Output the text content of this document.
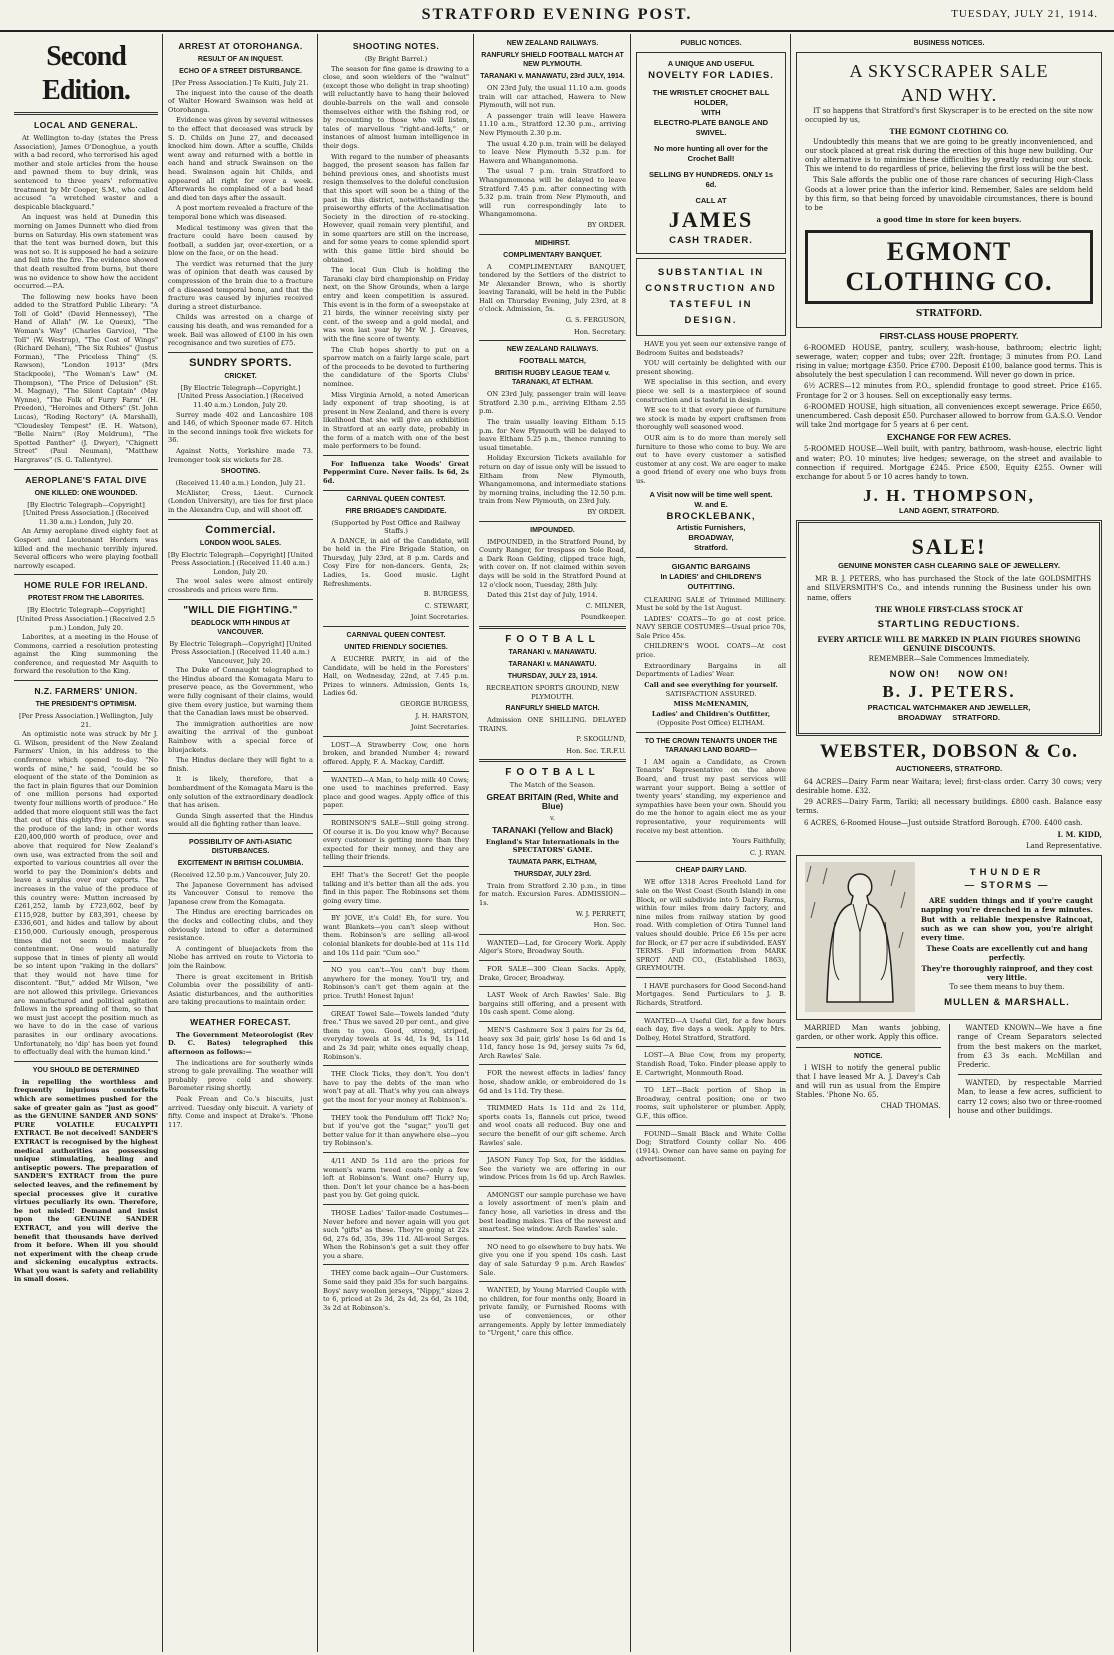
STRATFORD EVENING POST.	TUESDAY, JULY 21, 1914.
Second Edition.
LOCAL AND GENERAL.

At Wellington to-day (states the Press Association), James O'Donoghue, a youth with a bad record, who terrorised his aged mother and stole articles from the house and pawned them to buy drink, was sentenced to three years' reformative treatment by Mr Cooper, S.M., who called accused "a wretched waster and a despicable blackguard."

An inquest was held at Dunedin this morning on James Dunnett who died from burns on Saturday. His own statement was that the tent was burned down, but this was not so. It is supposed he had a seizure and fell into the fire. The evidence showed that death resulted from burns, but there was no evidence to show how the accident occurred.—P.A.

The following new books have been added to the Stratford Public Library: "A Toll of Gold" (David Hennessey), "The Hand of Allah" (W. Le Queux), "The Woman's Way" (Charles Garvice), "The Toll" (W. Westrup), "The Cost of Wings" (Richard Dehan), "The Six Rubies" (Justus Forman), "The Priceless Thing" (S. Rawson), "London 1913" (Mrs Stackpoole), "The Woman's Law" (M. Thompson), "The Price of Delusion" (St. M. Magnay), "The Silent Captain" (May Wynne), "The Folk of Furry Farm" (H. Preedon), "Heroines and Others" (St. John Lucas), "Roding Rectory" (A. Marshall), "Cloudesley Tempest" (E. H. Watson), "Belle Nairn" (Roy Meldrum), "The Spotted Panther" (J. Dwyer), "Chignett Street" (Paul Neuman), "Matthew Hargraves" (S. G. Tallentyre).

AEROPLANE'S FATAL DIVE
ONE KILLED: ONE WOUNDED.

[By Electric Telegraph—Copyright] [United Press Association.] (Received 11.30 a.m.) London, July 20.

An Army aeroplane dived eighty feet at Gosport and Lieutenant Hordern was killed and the mechanic terribly injured. Several officers who were playing football narrowly escaped.

HOME RULE FOR IRELAND.
PROTEST FROM THE LABORITES.

[By Electric Telegraph—Copyright] [United Press Association.] (Received 2.5 p.m.) London, July 20.

Laborites, at a meeting in the House of Commons, carried a resolution protesting against the King summoning the conference, and requested Mr Asquith to forward the resolution to the King.

N.Z. FARMERS' UNION.
THE PRESIDENT'S OPTIMISM.

[Per Press Association.] Wellington, July 21.

An optimistic note was struck by Mr J. G. Wilson, president of the New Zealand Farmers' Union, in his address to the conference which opened to-day. "No words of mine," he said, "could be so eloquent of the state of the Dominion as the fact in plain figures that our Dominion of one million persons had exported twenty four millions worth of produce." He added that more eloquent still was the fact that out of this eighty-five per cent. was the produce of the land; in other words £20,400,000 worth of produce, over and above that required for New Zealand's own use, was extracted from the soil and exported to various countries all over the world to pay the Dominion's debts and leave a surplus over our exports. The increases in the value of the produce of this country were: Mutton increased by £261,252, lamb by £723,602, beef by £115,928, butter by £83,391, cheese by £336,601, and hides and tallow by about £150,000. Curiously enough, prosperous times did not seem to make for contentment. One would naturally suppose that in times of plenty all would be so intent upon "raking in the dollars" that they would not have time for discontent. "But," added Mr Wilson, "we are not allowed this privilege. Grievances are manufactured and political agitation follows in the spreading of them, so that we must just accept the position much as we have to do in the case of various parasites in our ordinary avocations. Unfortunately, no 'dip' has been yet found to effectually deal with the human kind."

YOU SHOULD BE DETERMINED

in repelling the worthless and frequently injurious counterfeits which are sometimes pushed for the sake of greater gain as "just as good" as the GENUINE SANDER AND SONS' PURE VOLATILE EUCALYPTI EXTRACT. Be not deceived! SANDER'S EXTRACT is recognised by the highest medical authorities as possessing unique stimulating, healing and antiseptic powers. The preparation of SANDER'S EXTRACT from the pure selected leaves, and the refinement by special processes give it curative virtues peculiarly its own. Therefore, be not misled! Demand and insist upon the GENUINE SANDER EXTRACT, and you will derive the benefit that thousands have derived from it before. When ill you should not experiment with the cheap crude and sickening eucalyptus extracts. What you want is safety and reliability in small doses.

ARREST AT OTOROHANGA.
RESULT OF AN INQUEST.
ECHO OF A STREET DISTURBANCE.

[Per Press Association.] Te Kuiti, July 21.

The inquest into the cause of the death of Walter Howard Swainson was held at Otorohanga.

Evidence was given by several witnesses to the effect that deceased was struck by S. D. Childs on June 27, and deceased knocked him down. After a scuffle, Childs went away and returned with a bottle in each hand and struck Swainson on the head. Swainson again hit Childs, and appeared all right for over a week. Afterwards he complained of a bad head and died ten days after the assault.

A post mortem revealed a fracture of the temporal bone which was diseased.

Medical testimony was given that the fracture could have been caused by football, a sudden jar, over-exertion, or a blow on the face, or on the head.

The verdict was returned that the jury was of opinion that death was caused by compression of the brain due to a fracture of a diseased temporal bone, and that the fracture was caused by injuries received during a street disturbance.

Childs was arrested on a charge of causing his death, and was remanded for a week. Bail was allowed of £100 in his own recognisance and two sureties of £75.

SUNDRY SPORTS.
CRICKET.

[By Electric Telegraph—Copyright.] [United Press Association.] (Received 11.40 a.m.) London, July 20.

Surrey made 402 and Lancashire 108 and 146, of which Spooner made 67. Hitch in the second innings took five wickets for 36.

Against Notts, Yorkshire made 73. Iremonger took six wickets for 28.

SHOOTING.

(Received 11.40 a.m.) London, July 21.

McAlister, Cress, Lieut. Curnock (London University), are ties for first place in the Alexandra Cup, and will shoot off.

Commercial.
LONDON WOOL SALES.

[By Electric Telegraph—Copyright] [United Press Association.] (Received 11.40 a.m.) London, July 20.

The wool sales were almost entirely crossbreds and prices were firm.

"WILL DIE FIGHTING."
DEADLOCK WITH HINDUS AT VANCOUVER.

By Electric Telegraph—Copyright] [United Press Association.] (Received 11.40 a.m.) Vancouver, July 20.

The Duke of Connaught telegraphed to the Hindus aboard the Komagata Maru to preserve peace, as the Government, who were fully cognisant of their claims, would give them every justice, but warning them that the Canadian laws must be observed.

The immigration authorities are now awaiting the arrival of the gunboat Rainbow with a special force of bluejackets.

The Hindus declare they will fight to a finish.

It is likely, therefore, that a bombardment of the Komagata Maru is the only solution of the extraordinary deadlock that has arisen.

Gunda Singh asserted that the Hindus would all die fighting rather than leave.

POSSIBILITY OF ANTI-ASIATIC DISTURBANCES.
EXCITEMENT IN BRITISH COLUMBIA.

(Received 12.50 p.m.) Vancouver, July 20.

The Japanese Government has advised its Vancouver Consul to remove the Japanese crew from the Komagata.

The Hindus are erecting barricades on the decks and collecting clubs, and they obviously intend to offer a determined resistance.

A contingent of bluejackets from the Niobe has arrived en route to Victoria to join the Rainbow.

There is great excitement in British Columbia over the possibility of anti-Asiatic disturbances, and the authorities are taking precautions to maintain order.

WEATHER FORECAST.

The Government Meteorologist (Rev D. C. Bates) telegraphed this afternoon as follows:—

The indications are for southerly winds strong to gale prevailing. The weather will probably prove cold and showery. Barometer rising shortly.

Peak Frean and Co.'s biscuits, just arrived. Tuesday only biscuit. A variety of fifty. Come and inspect at Drake's. 'Phone 117.

SHOOTING NOTES.

(By Bright Barrel.)

The season for fine game is drawing to a close, and soon wielders of the "walnut" (except those who delight in trap shooting) will reluctantly have to hang their beloved double-barrels on the wall and console themselves either with the fishing rod, or by recounting to those who will listen, tales of marvellous "right-and-lefts," or instances of almost human intelligence in their dogs.

With regard to the number of pheasants bagged, the present season has fallen far behind previous ones, and shootists must resign themselves to the doleful conclusion that this sport will soon be a thing of the past in this district, notwithstanding the praiseworthy efforts of the Acclimatisation Society in the direction of re-stocking. However, quail remain very plentiful, and in some quarters are still on the increase, and for some years to come splendid sport with this game little bird should be obtained.

The local Gun Club is holding the Taranaki clay bird championship on Friday next, on the Show Grounds, when a large entry and keen competition is assured. This event is in the form of a sweepstake at 21 birds, the winner receiving sixty per cent. of the sweep and a gold medal, and was won last year by Mr W. J. Greaves, with the fine score of twenty.

The Club hopes shortly to put on a sparrow match on a fairly large scale, part of the proceeds to be devoted to furthering the candidature of the Sports Clubs' nominee.

Miss Virginia Arnold, a noted American lady exponent of trap shooting, is at present in New Zealand, and there is every likelihood that she will give an exhibition in Stratford at an early date, probably in the form of a match with one of the best male performers to be found.

For Influenza take Woods' Great Peppermint Cure. Never fails. Is 6d, 2s 6d.

CARNIVAL QUEEN CONTEST.
FIRE BRIGADE'S CANDIDATE.

(Supported by Post Office and Railway Staffs.)

A DANCE, in aid of the Candidate, will be held in the Fire Brigade Station, on Thursday, July 23rd, at 8 p.m. Cards and Cosy Fire for non-dancers. Gents, 2s; Ladies, 1s. Good music. Light Refreshments.

B. BURGESS,

C. STEWART,

Joint Secretaries.

CARNIVAL QUEEN CONTEST.
UNITED FRIENDLY SOCIETIES.

A EUCHRE PARTY, in aid of the Candidate, will be held in the Foresters' Hall, on Wednesday, 22nd, at 7.45 p.m. Prizes to winners. Admission, Gents 1s, Ladies 6d.

GEORGE BURGESS,

J. H. HARSTON,

Joint Secretaries.

LOST—A Strawberry Cow, one horn broken, and branded Number 4; reward offered. Apply, F. A. Mackay, Cardiff.

WANTED—A Man, to help milk 40 Cows; one used to machines preferred. Easy place and good wages. Apply office of this paper.

ROBINSON'S SALE—Still going strong. Of course it is. Do you know why? Because every customer is getting more than they expected for their money, and they are telling their friends.

EH! That's the Secret! Get the people talking and it's better than all the ads. you find in this paper. The Robinsons set them going every time.

BY JOVE, it's Cold! Eh, for sure. You want Blankets—you can't sleep without them. Robinson's are selling all-wool colonial blankets for double-bed at 11s 11d and 10s 11d pair. "Cum soo."

NO you can't—You can't buy them anywhere for the money. You'll try, and Robinson's can't get them again at the price. Truth! Honest Injun!

GREAT Towel Sale—Towels landed "duty free." Thus we saved 20 per cent., and give them to you. Good, strong, striped, everyday towels at 1s 4d, 1s 9d, 1s 11d and 2s 3d pair, white ones equally cheap, Robinson's.

THE Clock Ticks, they don't. You don't have to pay the debts of the man who won't pay at all. That's why you can always get the most for your money at Robinson's.

THEY took the Pendulum off! Tick? No; but if you've got the "sugar," you'll get better value for it than anywhere else—you try Robinson's.

4/11 AND 5s 11d are the prices for women's warm tweed coats—only a few left at Robinson's. Want one? Hurry up, then. Don't let your chance be a has-been past you by. Get going quick.

THOSE Ladies' Tailor-made Costumes—Never before and never again will you get such "gifts" as these. They're going at 22s 6d, 27s 6d, 35s, 39s 11d. All-wool Serges. When the Robinson's get a suit they offer you a share.

THEY come back again—Our Customers. Some said they paid 35s for such bargains. Boys' navy woollen jerseys, "Nippy," sizes 2 to 6, priced at 2s 3d, 2s 4d, 2s 6d, 2s 10d, 3s 2d at Robinson's.

NEW ZEALAND RAILWAYS.
RANFURLY SHIELD FOOTBALL MATCH AT NEW PLYMOUTH.
TARANAKI v. MANAWATU, 23rd JULY, 1914.

ON 23rd July, the usual 11.10 a.m. goods train will car attached, Hawera to New Plymouth, will not run.

A passenger train will leave Hawera 11.10 a.m., Stratford 12.30 p.m., arriving New Plymouth 2.30 p.m.

The usual 4.20 p.m. train will be delayed to leave New Plymouth 5.32 p.m. for Hawera and Whanganomona.

The usual 7 p.m. train Stratford to Whangamomona will be delayed to leave Stratford 7.45 p.m. after connecting with 5.32 p.m. train from New Plymouth, and will run correspondingly late to Whangamomona.

BY ORDER.

MIDHIRST.
COMPLIMENTARY BANQUET.

A COMPLIMENTARY BANQUET, tendered by the Settlers of the district to Mr Alexander Brown, who is shortly leaving Taranaki, will be held in the Public Hall on Thursday Evening, July 23rd, at 8 o'clock. Admission, 5s.

G. S. FERGUSON,

Hon. Secretary.

NEW ZEALAND RAILWAYS.
FOOTBALL MATCH,
BRITISH RUGBY LEAGUE TEAM v. TARANAKI, AT ELTHAM.

ON 23rd July, passenger train will leave Stratford 2.30 p.m., arriving Eltham 2.55 p.m.

The train usually leaving Eltham 5.15 p.m. for New Plymouth will be delayed to leave Eltham 5.25 p.m., thence running to usual timetable.

Holiday Excursion Tickets available for return on day of issue only will be issued to Eltham from New Plymouth, Whangamomona, and intermediate stations by morning trains, including the 12.50 p.m. train from New Plymouth, on 23rd July.

BY ORDER.

IMPOUNDED.

IMPOUNDED, in the Stratford Pound, by County Ranger, for trespass on Sole Road, a Dark Roan Gelding, clipped trace high, with cover on. If not claimed within seven days will be sold in the Stratford Pound at 12 o'clock noon, Tuesday, 28th July.

Dated this 21st day of July, 1914.

C. MILNER,

Poundkeeper.

FOOTBALL
TARANAKI v. MANAWATU.
TARANAKI v. MANAWATU.
THURSDAY, JULY 23, 1914.

RECREATION SPORTS GROUND, NEW PLYMOUTH.

RANFURLY SHIELD MATCH.

Admission ONE SHILLING. DELAYED TRAINS.

P. SKOGLUND,

Hon. Sec. T.R.F.U.

FOOTBALL

The Match of the Season.

GREAT BRITAIN (Red, White and Blue)

v.

TARANAKI (Yellow and Black)

England's Star Internationals in the SPECTATORS' GAME.

TAUMATA PARK, ELTHAM,
THURSDAY, JULY 23rd.

Train from Stratford 2.30 p.m., in time for match. Excursion Fares. ADMISSION—1s.

W. J. PERRETT,

Hon. Sec.

WANTED—Lad, for Grocery Work. Apply Alger's Store, Broadway South.

FOR SALE—300 Clean Sacks. Apply, Drake, Grocer, Broadway.

LAST Week of Arch Rawles' Sale. Big bargains still offering, and a present with 10s cash spent. Come along.

MEN'S Cashmere Sox 3 pairs for 2s 6d, heavy sox 3d pair, girls' hose 1s 6d and 1s 11d, fancy hose 1s 9d, jersey suits 7s 6d, Arch Rawles' Sale.

FOR the newest effects in ladies' fancy hose, shadow ankle, or embroidered do 1s 6d and 1s 11d. Try these.

TRIMMED Hats 1s 11d and 2s 11d, sports coats 1s, flannels cut price, tweed and wool coats all reduced. Buy one and secure the benefit of our gift scheme. Arch Rawles' sale.

JASON Fancy Top Sox, for the kiddies. See the variety we are offering in our window. Prices from 1s 6d up. Arch Rawles.

AMONGST our sample purchase we have a lovely assortment of men's plain and fancy hose, all varieties in dress and the best leading makes. Ties of the newest and smartest. See window. Arch Rawles' sale.

NO need to go elsewhere to buy hats. We give you one if you spend 10s cash. Last day of sale Saturday 9 p.m. Arch Rawles' Sale.

WANTED, by Young Married Couple with no children, for four months only, Board in private family, or Furnished Rooms with use of conveniences, or other arrangements. Apply by letter immediately to "Urgent," care this office.

PUBLIC NOTICES.
A UNIQUE AND USEFUL
NOVELTY FOR LADIES.
THE WRISTLET CROCHET BALL HOLDER,
WITH
ELECTRO-PLATE BANGLE AND SWIVEL.
No more hunting all over for the Crochet Ball!
SELLING BY HUNDREDS. ONLY 1s 6d.
CALL AT
JAMES
CASH TRADER.
SUBSTANTIAL IN CONSTRUCTION AND TASTEFUL IN DESIGN.

HAVE you yet seen our extensive range of Bedroom Suites and bedsteads?

YOU will certainly be delighted with our present showing.

WE specialise in this section, and every piece we sell is a masterpiece of sound construction and is tasteful in design.

WE see to it that every piece of furniture we stock is made by expert craftsmen from thoroughly well seasoned wood.

OUR aim is to do more than merely sell furniture to those who come to buy. We are out to have every customer a satisfied customer at any cost. We are eager to make a good friend of every one who buys from us.

A Visit now will be time well spent.
W. and E.
BROCKLEBANK,
Artistic Furnishers,
BROADWAY,
Stratford.
GIGANTIC BARGAINS
In LADIES' and CHILDREN'S OUTFITTING.

CLEARING SALE of Trimmed Millinery. Must be sold by the 1st August.

LADIES' COATS—To go at cost price. NAVY SERGE COSTUMES—Usual price 70s, Sale Price 45s.

CHILDREN'S WOOL COATS—At cost price.

Extraordinary Bargains in all Departments of Ladies' Wear.

Call and see everything for yourself.

SATISFACTION ASSURED.

MISS McMENAMIN,

Ladies' and Children's Outfitter,

(Opposite Post Office) ELTHAM.

TO THE CROWN TENANTS UNDER THE TARANAKI LAND BOARD—

I AM again a Candidate, as Crown Tenants' Representative on the above Board, and trust my past services will warrant your support. Being a settler of twenty years' standing, my experience and sympathies have been your own. Should you do me the honor to again elect me as your representative, your requirements will receive my best attention.

Yours Faithfully,

C. J. RYAN.

CHEAP DAIRY LAND.

WE offer 1318 Acres Freehold Land for sale on the West Coast (South Island) in one Block, or will subdivide into 5 Dairy Farms, within four miles from dairy factory, and nine miles from railway station by good road. With completion of Otira Tunnel land values should double. Price £6 15s per acre for Block, or £7 per acre if subdivided. EASY TERMS. Full information from MARK SPROT AND CO., (Established 1863), GREYMOUTH.

I HAVE purchasers for Good Second-hand Mortgages. Send Particulars to J. B. Richards, Stratford.

WANTED—A Useful Girl, for a few hours each day, five days a week. Apply to Mrs. Dolbey, Hotel Stratford, Stratford.

LOST—A Blue Cow, from my property, Standish Road, Toko. Finder please apply to E. Cartwright, Monmouth Road.

TO LET—Back portion of Shop in Broadway, central position; one or two rooms, suit upholsterer or plumber. Apply, G.F., this office.

FOUND—Small Black and White Collie Dog; Stratford County collar No. 406 (1914). Owner can have same on paying for advertisement.

BUSINESS NOTICES.
A SKYSCRAPER SALE
AND WHY.

IT so happens that Stratford's first Skyscraper is to be erected on the site now occupied by us,

THE EGMONT CLOTHING CO.

Undoubtedly this means that we are going to be greatly inconvenienced, and our stock placed at great risk during the erection of this huge new building. Our only alternative is to minimise these difficulties by greatly reducing our stock. This we intend to do regardless of price, believing the first loss will be the best.

This Sale affords the public one of those rare chances of securing High-Class Goods at a lower price than the inferior kind. Remember, Sales are seldom held by this firm, so that being forced by unavoidable circumstances, there is bound to be

a good time in store for keen buyers.

EGMONT CLOTHING CO.

STRATFORD.

FIRST-CLASS HOUSE PROPERTY.

6-ROOMED HOUSE, pantry, scullery, wash-house, bathroom; electric light; sewerage, water; copper and tubs; over 22ft. frontage; 3 minutes from P.O. Land rising in value; mortgage £350. Price £700. Deposit £100, balance good terms. This is absolutely the best speculation I can recommend. Will never go down in price.

6½ ACRES—12 minutes from P.O., splendid frontage to good street. Price £165. Frontage for 2 or 3 houses. Sell on exceptionally easy terms.

6-ROOMED HOUSE, high situation, all conveniences except sewerage. Price £650, unencumbered. Cash deposit £50. Purchaser allowed to borrow from G.A.S.O. Vendor will take 2nd mortgage for 5 years at 6 per cent.

EXCHANGE FOR FEW ACRES.

5-ROOMED HOUSE—Well built, with pantry, bathroom, wash-house, electric light and water; P.O. 10 minutes; live hedges; sewerage, on the street and available to connection if required. Mortgage £245. Price £500, Equity £255. Owner will exchange for about 5 or 10 acres handy to town.

J. H. THOMPSON,
LAND AGENT, STRATFORD.
SALE!
GENUINE MONSTER CASH CLEARING SALE OF JEWELLERY.

MR B. J. PETERS, who has purchased the Stock of the late GOLDSMITHS and SILVERSMITH'S Co., and intends running the Business under his own name, offers

THE WHOLE FIRST-CLASS STOCK AT

STARTLING REDUCTIONS.

EVERY ARTICLE WILL BE MARKED IN PLAIN FIGURES SHOWING GENUINE DISCOUNTS.

REMEMBER—Sale Commences Immediately.

NOW ON!     NOW ON!
B. J. PETERS.
PRACTICAL WATCHMAKER AND JEWELLER,
BROADWAY     STRATFORD.
WEBSTER, DOBSON & Co.
AUCTIONEERS, STRATFORD.

64 ACRES—Dairy Farm near Waitara; level; first-class order. Carry 30 cows; very desirable home. £32.

29 ACRES—Dairy Farm, Tariki; all necessary buildings. £800 cash. Balance easy terms.

6 ACRES, 6-Roomed House—Just outside Stratford Borough. £700. £400 cash.

I. M. KIDD,

Land Representative.

THUNDER
— STORMS —

ARE sudden things and if you're caught napping you're drenched in a few minutes. But with a reliable inexpensive Raincoat, such as we can show you, you're alright every time.

These Coats are excellently cut and hang perfectly.

They're thoroughly rainproof, and they cost very little.

To see them means to buy them.

MULLEN & MARSHALL.

MARRIED Man wants jobbing, garden, or other work. Apply this office.

NOTICE.

I WISH to notify the general public that I have leased Mr A. J. Davey's Cab and will run as usual from the Empire Stables. 'Phone No. 65.

CHAD THOMAS.

WANTED KNOWN—We have a fine range of Cream Separators selected from the best makers on the market, from £3 3s each. McMillan and Frederic.

WANTED, by respectable Married Man, to lease a few acres, sufficient to carry 12 cows; also two or three-roomed house and other buildings.
